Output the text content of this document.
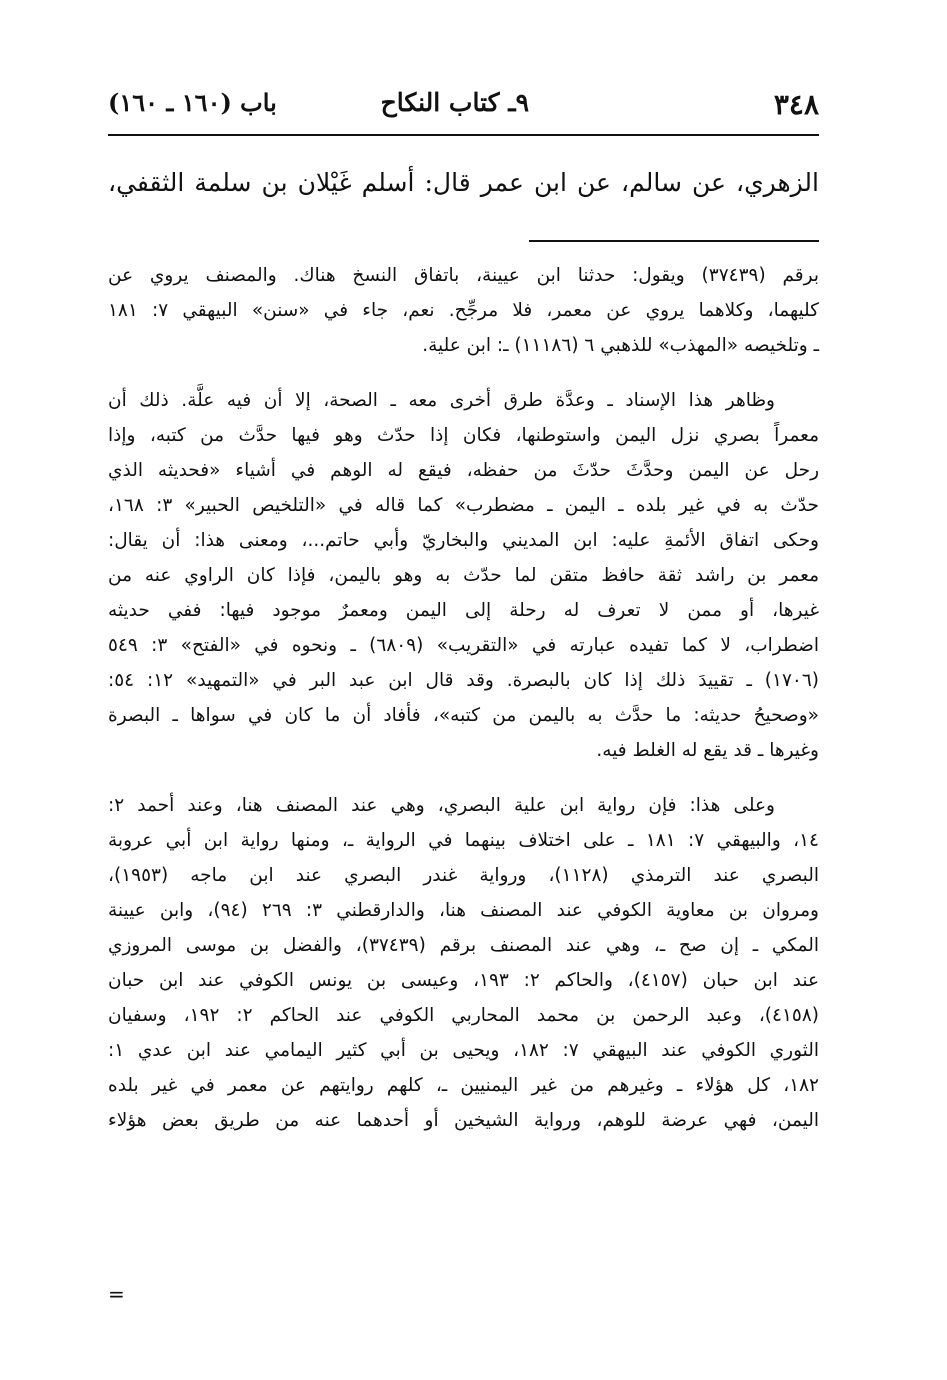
٣٤٨
٩ـ كتاب النكاح
باب (١٦٠ ـ ١٦٠)
الزهري، عن سالم، عن ابن عمر قال: أسلم غَيْلان بن سلمة الثقفي،
برقم (٣٧٤٣٩) ويقول: حدثنا ابن عيينة، باتفاق النسخ هناك. والمصنف يروي عن
كليهما، وكلاهما يروي عن معمر، فلا مرجِّح. نعم، جاء في «سنن» البيهقي ٧: ١٨١
ـ وتلخيصه «المهذب» للذهبي ٦ (١١١٨٦) ـ: ابن علية.
وظاهر هذا الإسناد ـ وعدَّة طرق أخرى معه ـ الصحة، إلا أن فيه علَّة. ذلك أن
معمراً بصري نزل اليمن واستوطنها، فكان إذا حدّث وهو فيها حدَّث من كتبه، وإذا
رحل عن اليمن وحدَّثَ حدّثَ من حفظه، فيقع له الوهم في أشياء «فحديثه الذي
حدّث به في غير بلده ـ اليمن ـ مضطرب» كما قاله في «التلخيص الحبير» ٣: ١٦٨،
وحكى اتفاق الأئمةِ عليه: ابن المديني والبخاريّ وأبي حاتم...، ومعنى هذا: أن يقال:
معمر بن راشد ثقة حافظ متقن لما حدّث به وهو باليمن، فإذا كان الراوي عنه من
غيرها، أو ممن لا تعرف له رحلة إلى اليمن ومعمرٌ موجود فيها: ففي حديثه
اضطراب، لا كما تفيده عبارته في «التقريب» (٦٨٠٩) ـ ونحوه في «الفتح» ٣: ٥٤٩
(١٧٠٦) ـ تقييدَ ذلك إذا كان بالبصرة. وقد قال ابن عبد البر في «التمهيد» ١٢: ٥٤:
«وصحيحُ حديثه: ما حدَّث به باليمن من كتبه»، فأفاد أن ما كان في سواها ـ البصرة
وغيرها ـ قد يقع له الغلط فيه.
وعلى هذا: فإن رواية ابن علية البصري، وهي عند المصنف هنا، وعند أحمد ٢:
١٤، والبيهقي ٧: ١٨١ ـ على اختلاف بينهما في الرواية ـ، ومنها رواية ابن أبي عروبة
البصري عند الترمذي (١١٢٨)، ورواية غندر البصري عند ابن ماجه (١٩٥٣)،
ومروان بن معاوية الكوفي عند المصنف هنا، والدارقطني ٣: ٢٦٩ (٩٤)، وابن عيينة
المكي ـ إن صح ـ، وهي عند المصنف برقم (٣٧٤٣٩)، والفضل بن موسى المروزي
عند ابن حبان (٤١٥٧)، والحاكم ٢: ١٩٣، وعيسى بن يونس الكوفي عند ابن حبان
(٤١٥٨)، وعبد الرحمن بن محمد المحاربي الكوفي عند الحاكم ٢: ١٩٢، وسفيان
الثوري الكوفي عند البيهقي ٧: ١٨٢، ويحيى بن أبي كثير اليمامي عند ابن عدي ١:
١٨٢، كل هؤلاء ـ وغيرهم من غير اليمنيين ـ، كلهم روايتهم عن معمر في غير بلده
اليمن، فهي عرضة للوهم، ورواية الشيخين أو أحدهما عنه من طريق بعض هؤلاء
=
